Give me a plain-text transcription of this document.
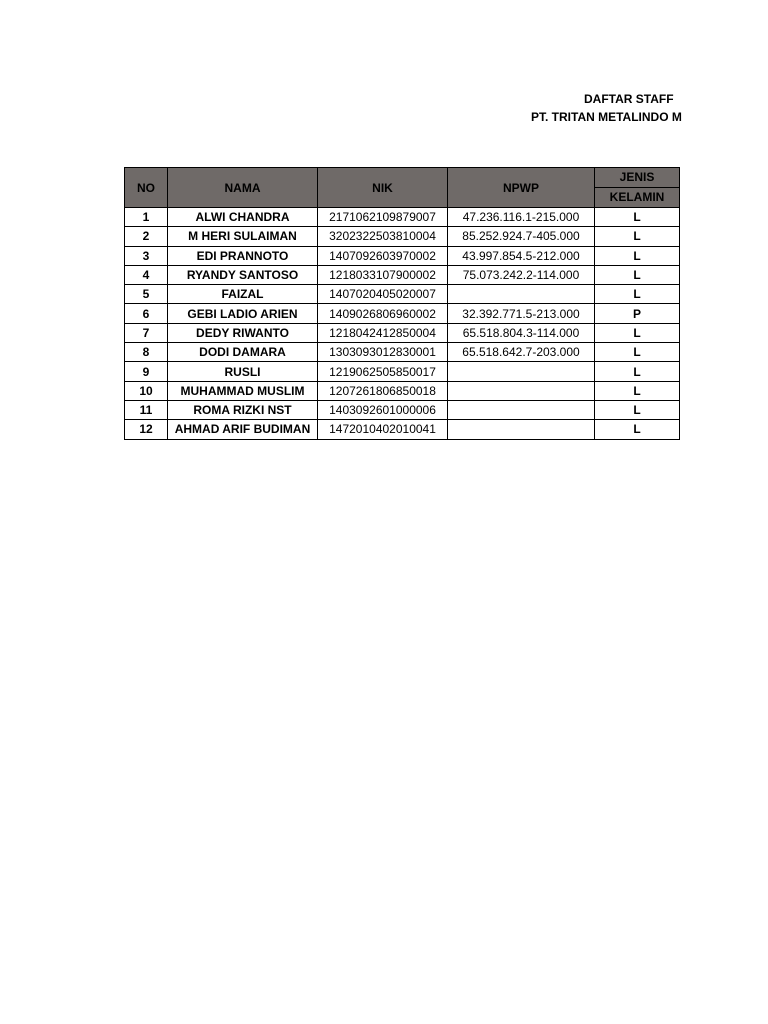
DAFTAR STAFF
PT. TRITAN METALINDO M
NO	NAMA	NIK	NPWP	JENIS
				KELAMIN
1	ALWI CHANDRA	2171062109879007	47.236.116.1-215.000	L
2	M HERI SULAIMAN	3202322503810004	85.252.924.7-405.000	L
3	EDI PRANNOTO	1407092603970002	43.997.854.5-212.000	L
4	RYANDY SANTOSO	1218033107900002	75.073.242.2-114.000	L
5	FAIZAL	1407020405020007		L
6	GEBI LADIO ARIEN	1409026806960002	32.392.771.5-213.000	P
7	DEDY RIWANTO	1218042412850004	65.518.804.3-114.000	L
8	DODI DAMARA	1303093012830001	65.518.642.7-203.000	L
9	RUSLI	1219062505850017		L
10	MUHAMMAD MUSLIM	1207261806850018		L
11	ROMA RIZKI NST	1403092601000006		L
12	AHMAD ARIF BUDIMAN	1472010402010041		L
